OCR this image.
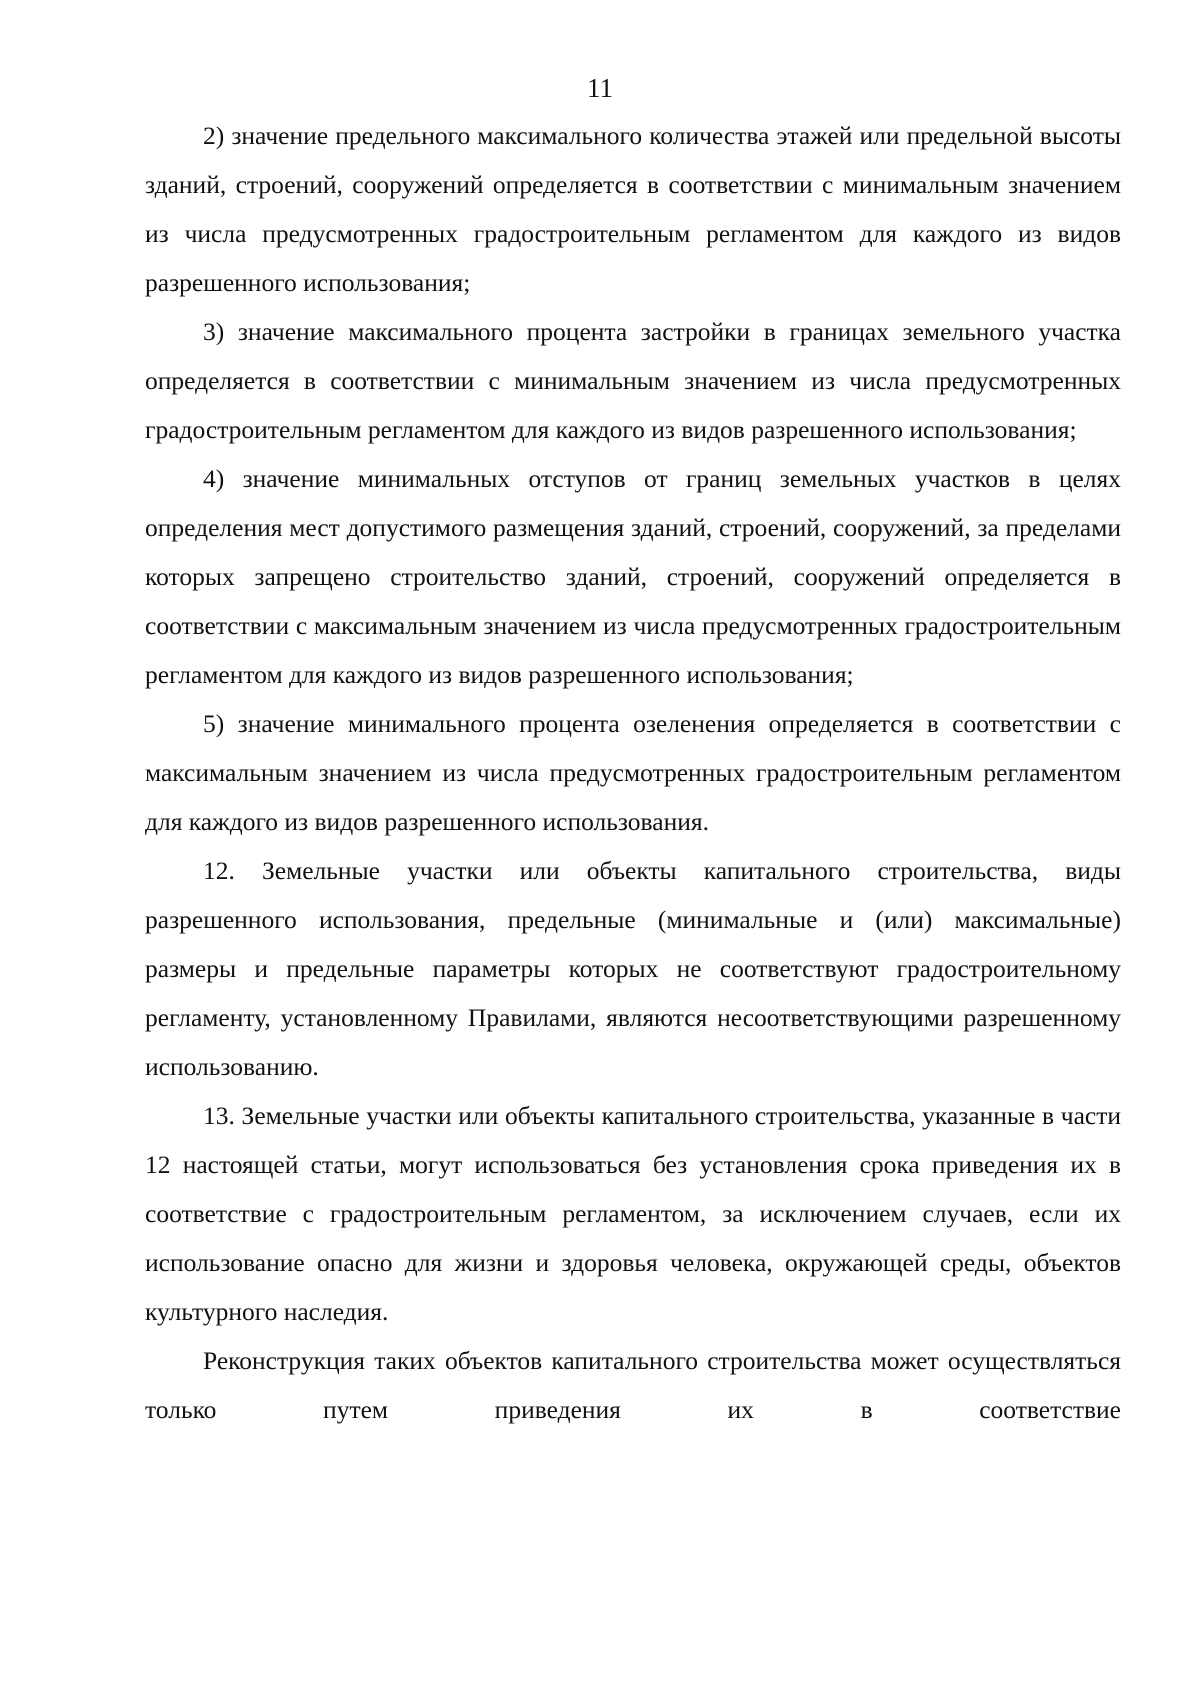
11

2) значение предельного максимального количества этажей или предельной высоты зданий, строений, сооружений определяется в соответствии с минимальным значением из числа предусмотренных градостроительным регламентом для каждого из видов разрешенного использования;

3) значение максимального процента застройки в границах земельного участка определяется в соответствии с минимальным значением из числа предусмотренных градостроительным регламентом для каждого из видов разрешенного использования;

4) значение минимальных отступов от границ земельных участков в целях определения мест допустимого размещения зданий, строений, сооружений, за пределами которых запрещено строительство зданий, строений, сооружений определяется в соответствии с максимальным значением из числа предусмотренных градостроительным регламентом для каждого из видов разрешенного использования;

5) значение минимального процента озеленения определяется в соответствии с максимальным значением из числа предусмотренных градостроительным регламентом для каждого из видов разрешенного использования.

12. Земельные участки или объекты капитального строительства, виды разрешенного использования, предельные (минимальные и (или) максимальные) размеры и предельные параметры которых не соответствуют градостроительному регламенту, установленному Правилами, являются несоответствующими разрешенному использованию.

13. Земельные участки или объекты капитального строительства, указанные в части 12 настоящей статьи, могут использоваться без установления срока приведения их в соответствие с градостроительным регламентом, за исключением случаев, если их использование опасно для жизни и здоровья человека, окружающей среды, объектов культурного наследия.

Реконструкция таких объектов капитального строительства может осуществляться только путем приведения их в соответствие
